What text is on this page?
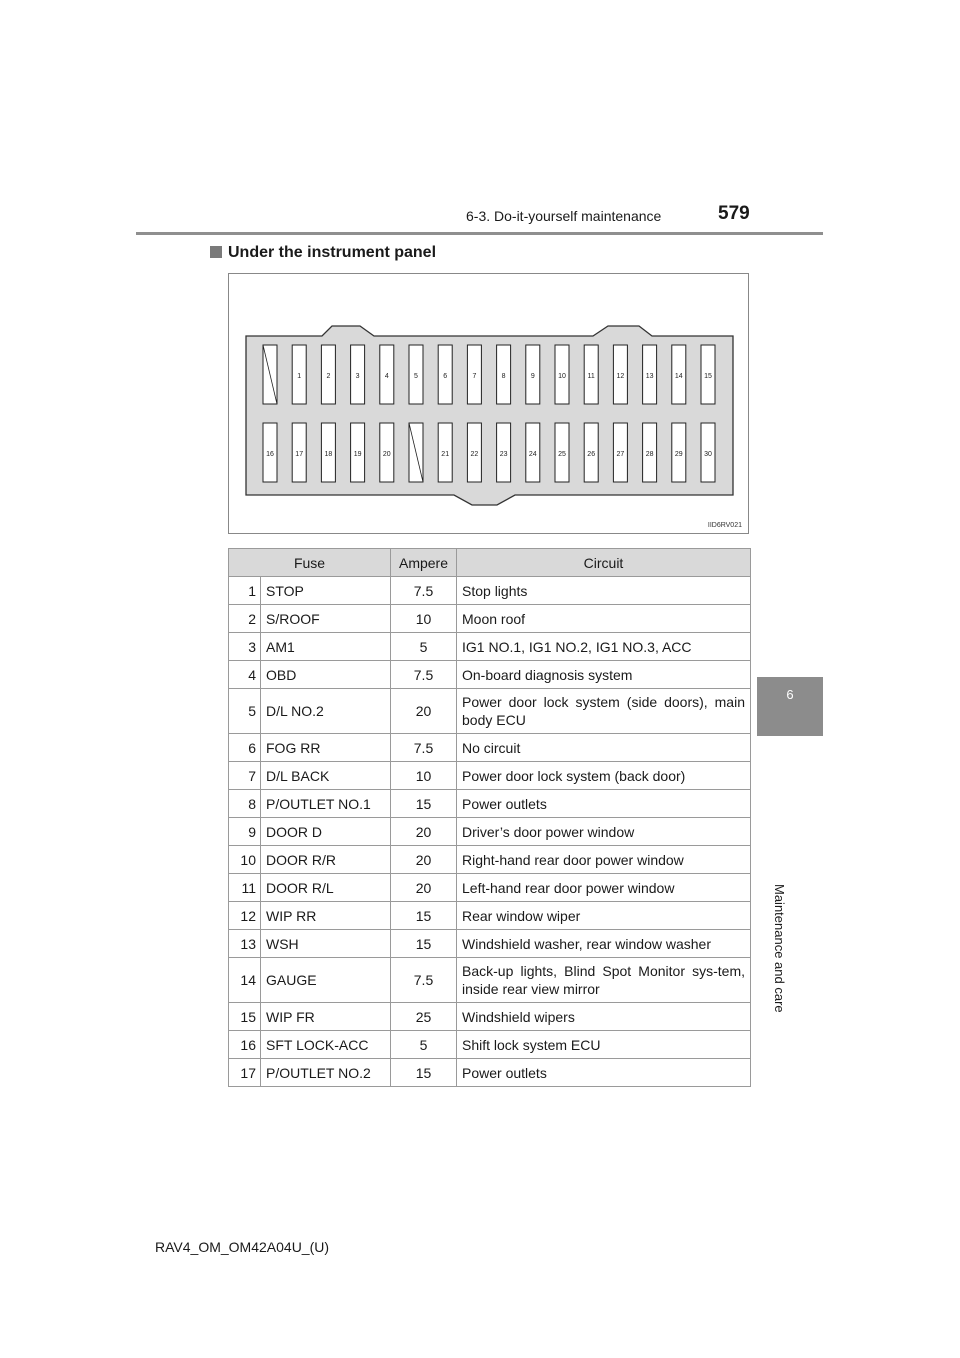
6-3. Do-it-yourself maintenance	579
Under the instrument panel
1	2	3	4	5	6	7	8	9	10	11	12	13	14	15
16	17	18	19	20	21	22	23	24	25	26	27	28	29	30
IID6RV021
Fuse		Ampere	Circuit
1	STOP	7.5	Stop lights
2	S/ROOF	10	Moon roof
3	AM1	5	IG1 NO.1, IG1 NO.2, IG1 NO.3, ACC
4	OBD	7.5	On-board diagnosis system
5	D/L NO.2	20	Power door lock system (side doors), main body ECU
6	FOG RR	7.5	No circuit
7	D/L BACK	10	Power door lock system (back door)
8	P/OUTLET NO.1	15	Power outlets
9	DOOR D	20	Driver’s door power window
10	DOOR R/R	20	Right-hand rear door power window
11	DOOR R/L	20	Left-hand rear door power window
12	WIP RR	15	Rear window wiper
13	WSH	15	Windshield washer, rear window washer
14	GAUGE	7.5	Back-up lights, Blind Spot Monitor sys-tem, inside rear view mirror
15	WIP FR	25	Windshield wipers
16	SFT LOCK-ACC	5	Shift lock system ECU
17	P/OUTLET NO.2	15	Power outlets
6
Maintenance and care
RAV4_OM_OM42A04U_(U)
